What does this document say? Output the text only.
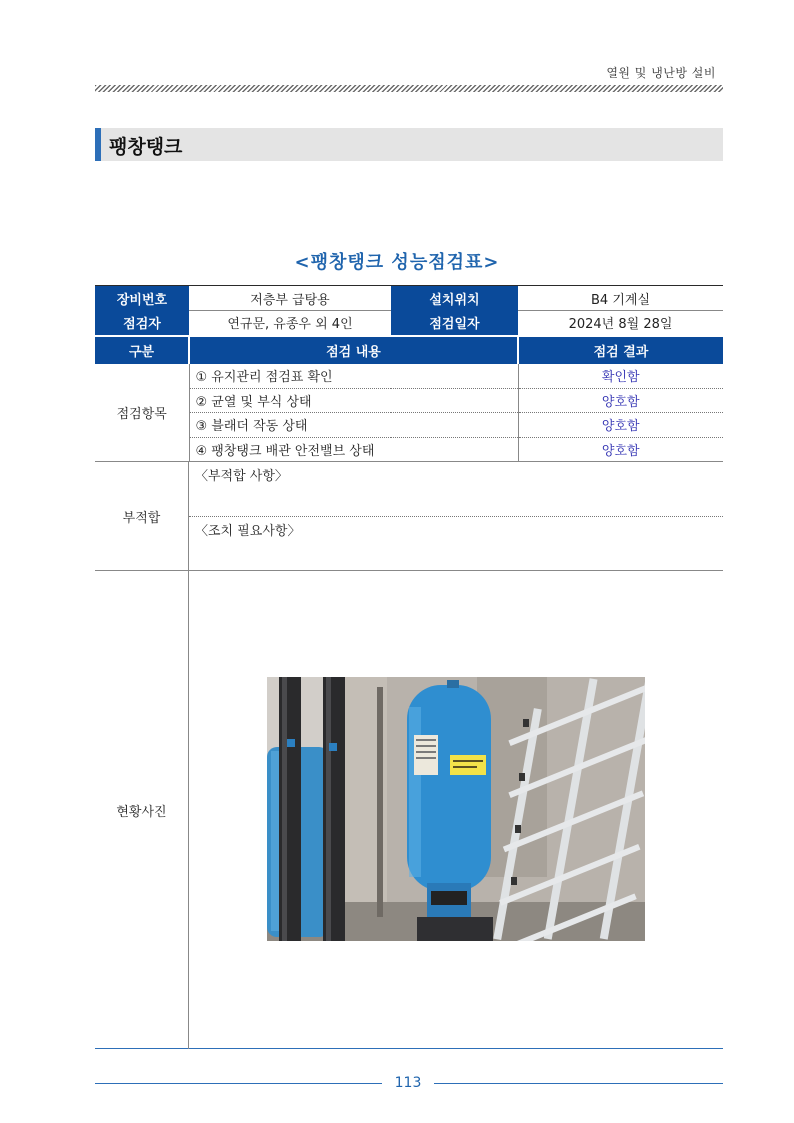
열원 및 냉난방 설비
팽창탱크
<팽창탱크 성능점검표>
장비번호	저층부 급탕용	설치위치	B4 기계실
점검자	연규문, 유종우 외 4인	점검일자	2024년 8월 28일
구분	점검 내용		점검 결과
점검항목	① 유지관리 점검표 확인		확인함
	② 균열 및 부식 상태		양호함
	③ 블래더 작동 상태		양호함
	④ 팽창탱크 배관 안전밸브 상태		양호함
부적합
〈부적합 사항〉
〈조치 필요사항〉
현황사진
113
